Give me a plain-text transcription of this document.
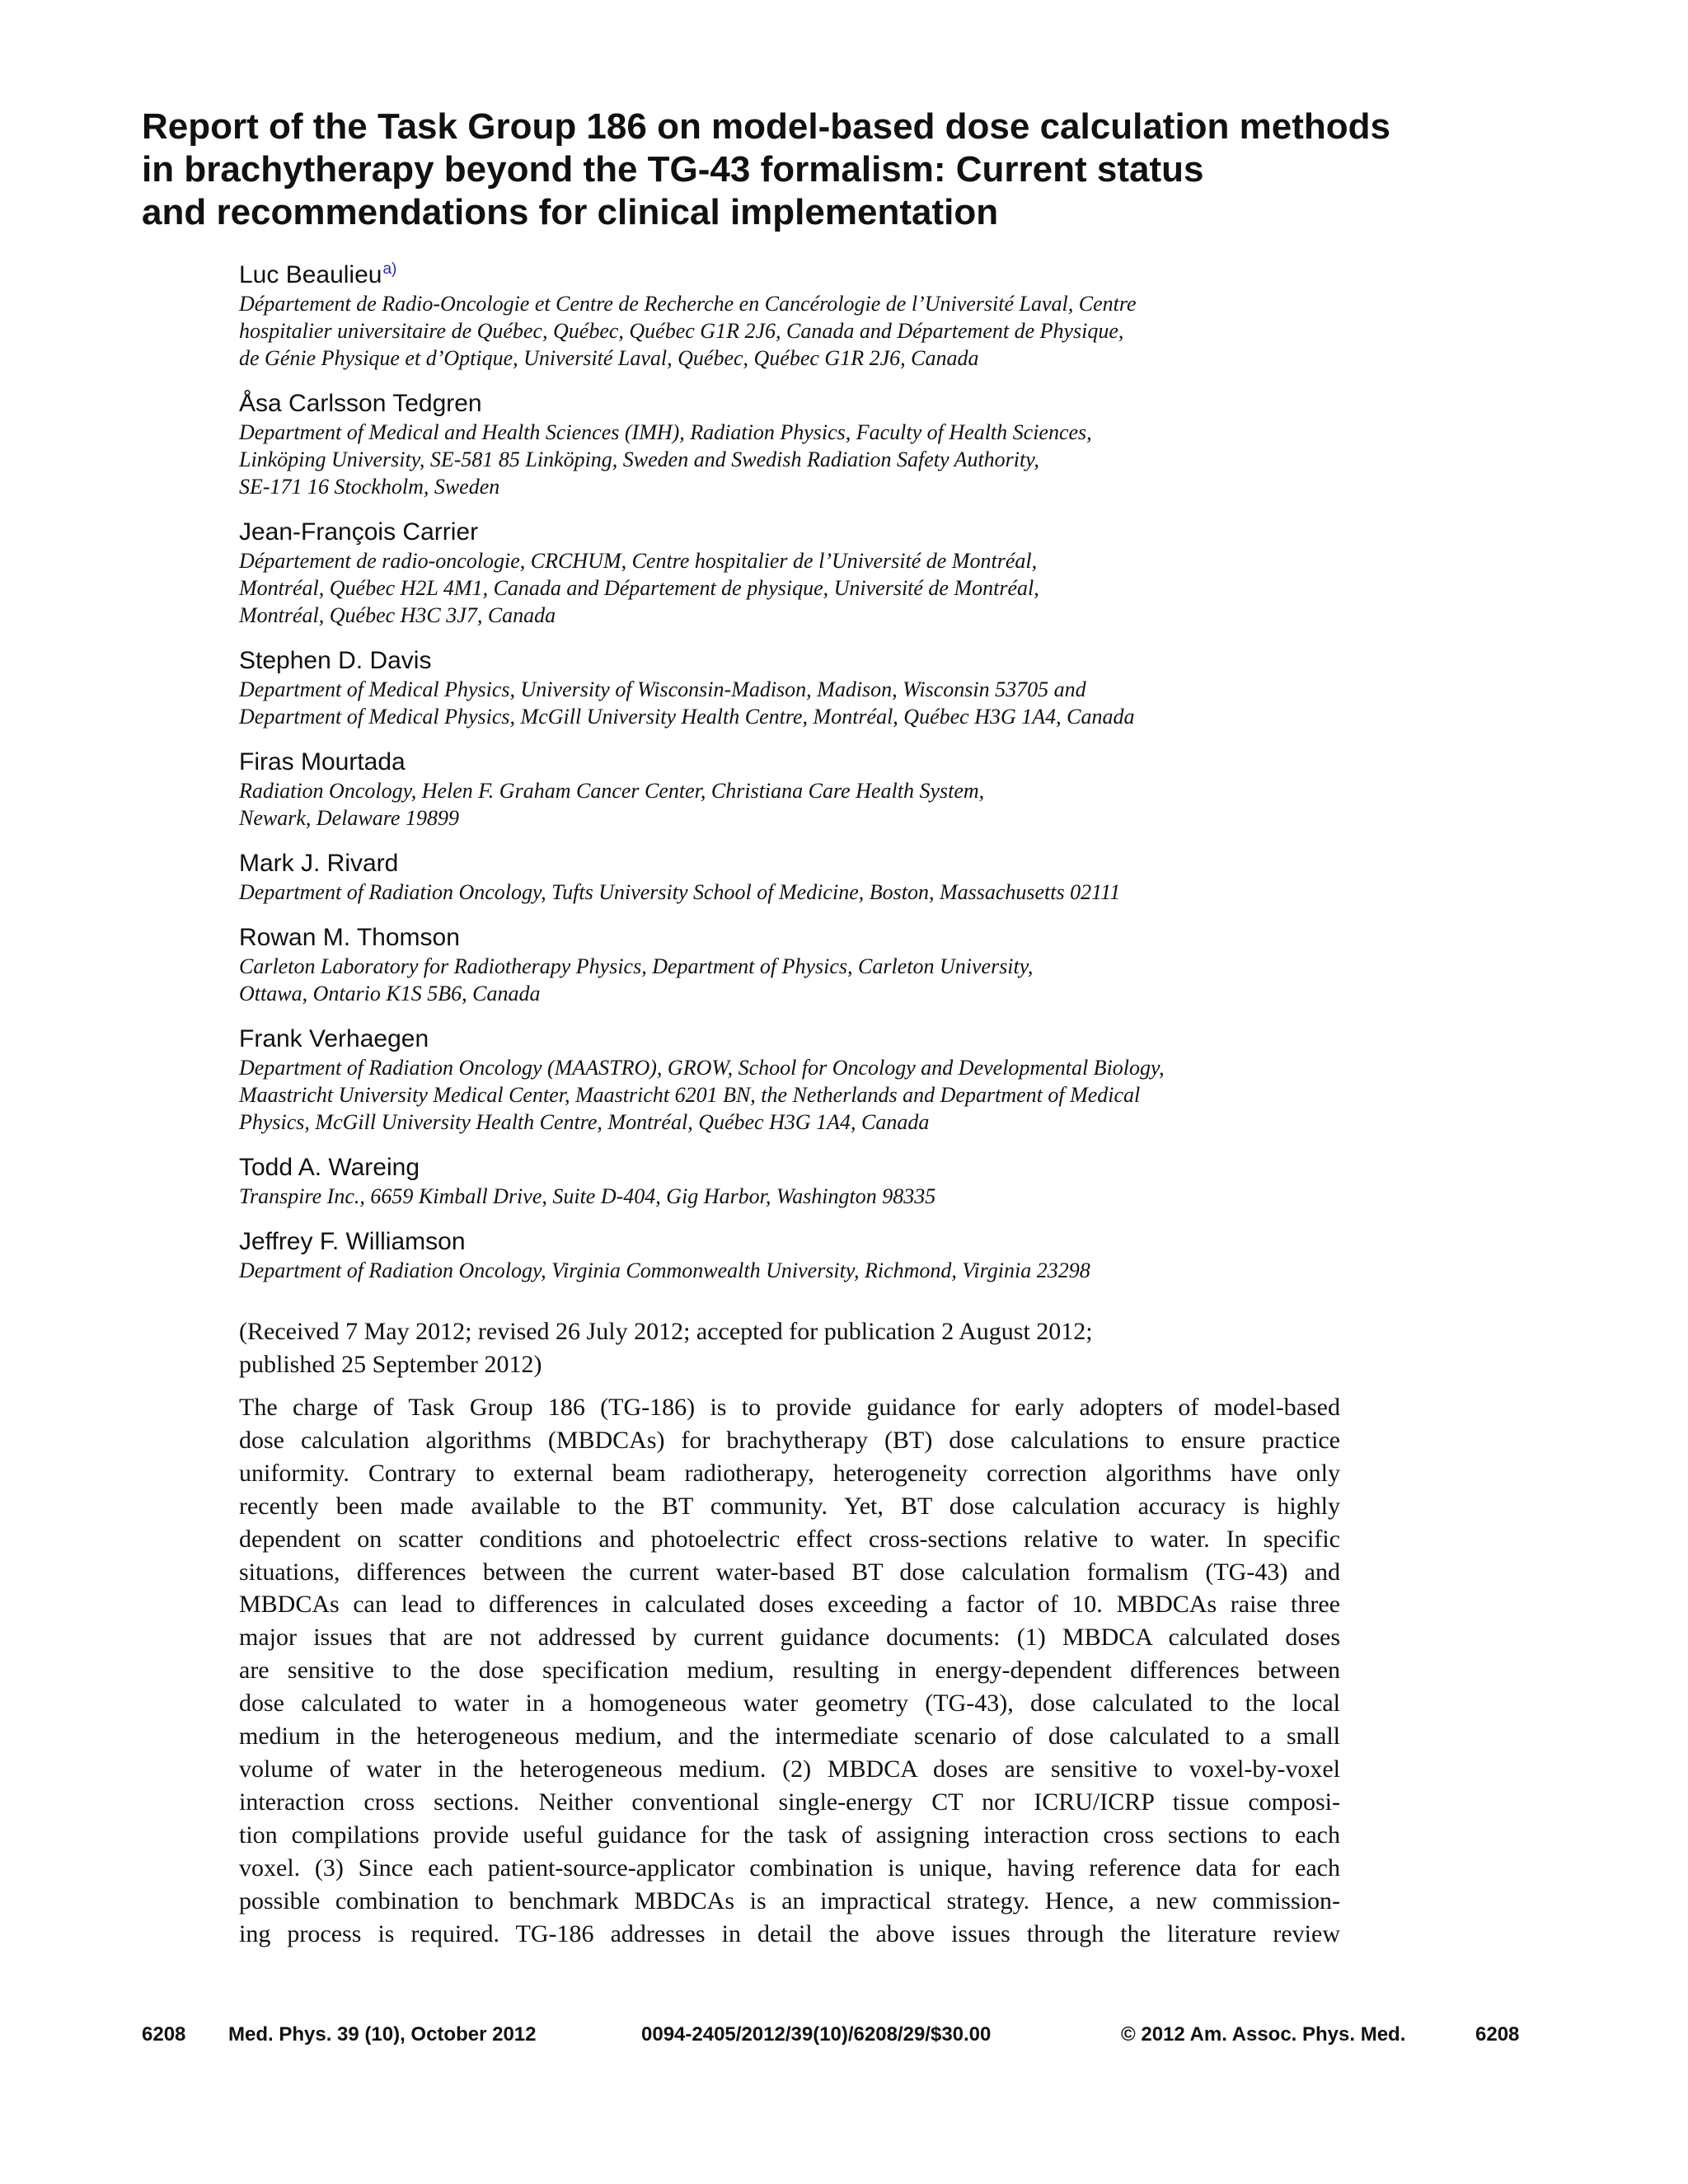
Report of the Task Group 186 on model-based dose calculation methods
in brachytherapy beyond the TG-43 formalism: Current status
and recommendations for clinical implementation
Luc Beaulieu$^{a)}$
Département de Radio-Oncologie et Centre de Recherche en Cancérologie de l’Université Laval, Centre
hospitalier universitaire de Québec, Québec, Québec G1R 2J6, Canada and Département de Physique,
de Génie Physique et d’Optique, Université Laval, Québec, Québec G1R 2J6, Canada
Åsa Carlsson Tedgren
Department of Medical and Health Sciences (IMH), Radiation Physics, Faculty of Health Sciences,
Linköping University, SE-581 85 Linköping, Sweden and Swedish Radiation Safety Authority,
SE-171 16 Stockholm, Sweden
Jean-François Carrier
Département de radio-oncologie, CRCHUM, Centre hospitalier de l’Université de Montréal,
Montréal, Québec H2L 4M1, Canada and Département de physique, Université de Montréal,
Montréal, Québec H3C 3J7, Canada
Stephen D. Davis
Department of Medical Physics, University of Wisconsin-Madison, Madison, Wisconsin 53705 and
Department of Medical Physics, McGill University Health Centre, Montréal, Québec H3G 1A4, Canada
Firas Mourtada
Radiation Oncology, Helen F. Graham Cancer Center, Christiana Care Health System,
Newark, Delaware 19899
Mark J. Rivard
Department of Radiation Oncology, Tufts University School of Medicine, Boston, Massachusetts 02111
Rowan M. Thomson
Carleton Laboratory for Radiotherapy Physics, Department of Physics, Carleton University,
Ottawa, Ontario K1S 5B6, Canada
Frank Verhaegen
Department of Radiation Oncology (MAASTRO), GROW, School for Oncology and Developmental Biology,
Maastricht University Medical Center, Maastricht 6201 BN, the Netherlands and Department of Medical
Physics, McGill University Health Centre, Montréal, Québec H3G 1A4, Canada
Todd A. Wareing
Transpire Inc., 6659 Kimball Drive, Suite D-404, Gig Harbor, Washington 98335
Jeffrey F. Williamson
Department of Radiation Oncology, Virginia Commonwealth University, Richmond, Virginia 23298
(Received 7 May 2012; revised 26 July 2012; accepted for publication 2 August 2012;
published 25 September 2012)
The charge of Task Group 186 (TG-186) is to provide guidance for early adopters of model-based
dose calculation algorithms (MBDCAs) for brachytherapy (BT) dose calculations to ensure practice
uniformity. Contrary to external beam radiotherapy, heterogeneity correction algorithms have only
recently been made available to the BT community. Yet, BT dose calculation accuracy is highly
dependent on scatter conditions and photoelectric effect cross-sections relative to water. In specific
situations, differences between the current water-based BT dose calculation formalism (TG-43) and
MBDCAs can lead to differences in calculated doses exceeding a factor of 10. MBDCAs raise three
major issues that are not addressed by current guidance documents: (1) MBDCA calculated doses
are sensitive to the dose specification medium, resulting in energy-dependent differences between
dose calculated to water in a homogeneous water geometry (TG-43), dose calculated to the local
medium in the heterogeneous medium, and the intermediate scenario of dose calculated to a small
volume of water in the heterogeneous medium. (2) MBDCA doses are sensitive to voxel-by-voxel
interaction cross sections. Neither conventional single-energy CT nor ICRU/ICRP tissue composi-
tion compilations provide useful guidance for the task of assigning interaction cross sections to each
voxel. (3) Since each patient-source-applicator combination is unique, having reference data for each
possible combination to benchmark MBDCAs is an impractical strategy. Hence, a new commission-
ing process is required. TG-186 addresses in detail the above issues through the literature review
6208 Med. Phys. 39 (10), October 2012	0094-2405/2012/39(10)/6208/29/$30.00	© 2012 Am. Assoc. Phys. Med.	6208
